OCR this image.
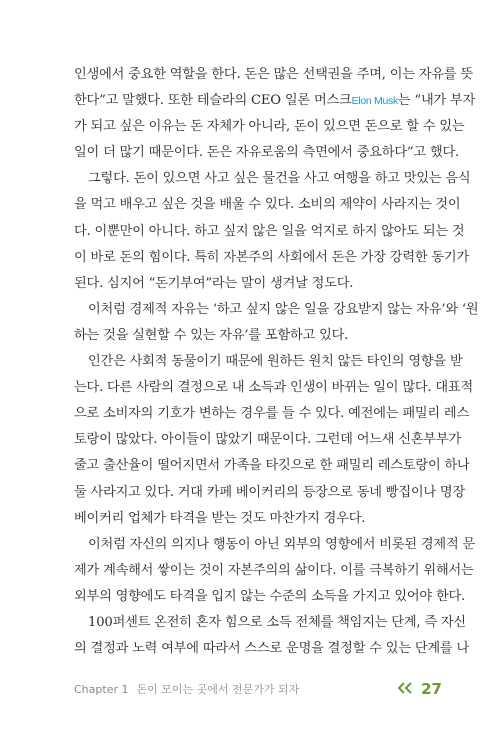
인생에서 중요한 역할을 한다. 돈은 많은 선택권을 주며, 이는 자유를 뜻
한다”고 말했다. 또한 테슬라의 CEO 일론 머스크Elon Musk는 “내가 부자
가 되고 싶은 이유는 돈 자체가 아니라, 돈이 있으면 돈으로 할 수 있는
일이 더 많기 때문이다. 돈은 자유로움의 측면에서 중요하다”고 했다.
그렇다. 돈이 있으면 사고 싶은 물건을 사고 여행을 하고 맛있는 음식
을 먹고 배우고 싶은 것을 배울 수 있다. 소비의 제약이 사라지는 것이
다. 이뿐만이 아니다. 하고 싶지 않은 일을 억지로 하지 않아도 되는 것
이 바로 돈의 힘이다. 특히 자본주의 사회에서 돈은 가장 강력한 동기가
된다. 심지어 “돈기부여”라는 말이 생겨날 정도다.
이처럼 경제적 자유는 ‘하고 싶지 않은 일을 강요받지 않는 자유’와 ‘원
하는 것을 실현할 수 있는 자유’를 포함하고 있다.
인간은 사회적 동물이기 때문에 원하든 원치 않든 타인의 영향을 받
는다. 다른 사람의 결정으로 내 소득과 인생이 바뀌는 일이 많다. 대표적
으로 소비자의 기호가 변하는 경우를 들 수 있다. 예전에는 패밀리 레스
토랑이 많았다. 아이들이 많았기 때문이다. 그런데 어느새 신혼부부가
줄고 출산율이 떨어지면서 가족을 타깃으로 한 패밀리 레스토랑이 하나
둘 사라지고 있다. 거대 카페 베이커리의 등장으로 동네 빵집이나 명장
베이커리 업체가 타격을 받는 것도 마찬가지 경우다.
이처럼 자신의 의지나 행동이 아닌 외부의 영향에서 비롯된 경제적 문
제가 계속해서 쌓이는 것이 자본주의의 삶이다. 이를 극복하기 위해서는
외부의 영향에도 타격을 입지 않는 수준의 소득을 가지고 있어야 한다.
100퍼센트 온전히 혼자 힘으로 소득 전체를 책임지는 단계, 즉 자신
의 결정과 노력 여부에 따라서 스스로 운명을 결정할 수 있는 단계를 나
Chapter 1 돈이 모이는 곳에서 전문가가 되자	27
